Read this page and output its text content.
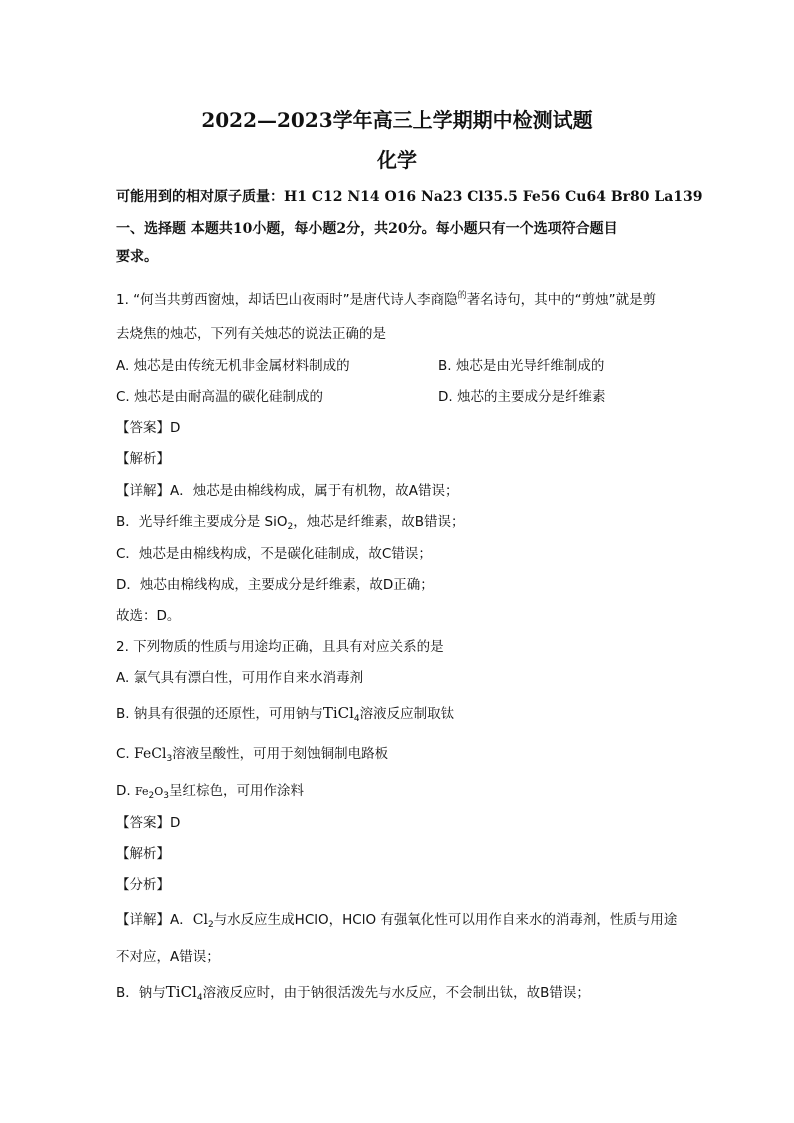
2022—2023学年高三上学期期中检测试题
化学
可能用到的相对原子质量：H1 C12 N14 O16 Na23 Cl35.5 Fe56 Cu64 Br80 La139
一、选择题 本题共10小题，每小题2分，共20分。每小题只有一个选项符合题目
要求。
1. “何当共剪西窗烛，却话巴山夜雨时”是唐代诗人李商隐$^的$著名诗句，其中的“剪烛”就是剪
去烧焦的烛芯，下列有关烛芯的说法正确的是
A. 烛芯是由传统无机非金属材料制成的	B. 烛芯是由光导纤维制成的
C. 烛芯是由耐高温的碳化硅制成的	D. 烛芯的主要成分是纤维素
【答案】D
【解析】
【详解】A．烛芯是由棉线构成，属于有机物，故A错误；
B．光导纤维主要成分是 SiO$_2$，烛芯是纤维素，故B错误；
C．烛芯是由棉线构成，不是碳化硅制成，故C错误；
D．烛芯由棉线构成，主要成分是纤维素，故D正确；
故选：D。
2. 下列物质的性质与用途均正确，且具有对应关系的是
A. 氯气具有漂白性，可用作自来水消毒剂
B. 钠具有很强的还原性，可用钠与TiCl$_4$溶液反应制取钛
C. FeCl$_3$溶液呈酸性，可用于刻蚀铜制电路板
D. $Fe_2O_3$呈红棕色，可用作涂料
【答案】D
【解析】
【分析】
【详解】A．$Cl_2$与水反应生成HClO，HClO 有强氧化性可以用作自来水的消毒剂，性质与用途
不对应，A错误；
B．钠与TiCl$_4$溶液反应时，由于钠很活泼先与水反应，不会制出钛，故B错误；
